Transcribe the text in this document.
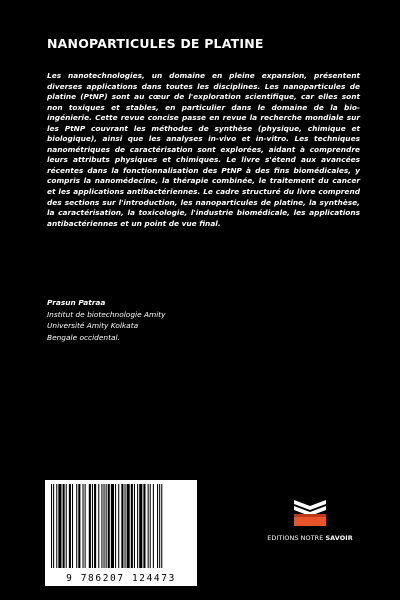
NANOPARTICULES DE PLATINE

Les nanotechnologies, un domaine en pleine expansion, présentent diverses applications dans toutes les disciplines. Les nanoparticules de platine (PtNP) sont au cœur de l'exploration scientifique, car elles sont non toxiques et stables, en particulier dans le domaine de la bio-ingénierie. Cette revue concise passe en revue la recherche mondiale sur les PtNP couvrant les méthodes de synthèse (physique, chimique et biologique), ainsi que les analyses in-vivo et in-vitro. Les techniques nanométriques de caractérisation sont explorées, aidant à comprendre leurs attributs physiques et chimiques. Le livre s'étend aux avancées récentes dans la fonctionnalisation des PtNP à des fins biomédicales, y compris la nanomédecine, la thérapie combinée, le traitement du cancer et les applications antibactériennes. Le cadre structuré du livre comprend des sections sur l'introduction, les nanoparticules de platine, la synthèse, la caractérisation, la toxicologie, l'industrie biomédicale, les applications antibactériennes et un point de vue final.

Prasun Patraa
Institut de biotechnologie Amity
Université Amity Kolkata
Bengale occidental.
9 786207 124473
EDITIONS NOTRE SAVOIR
